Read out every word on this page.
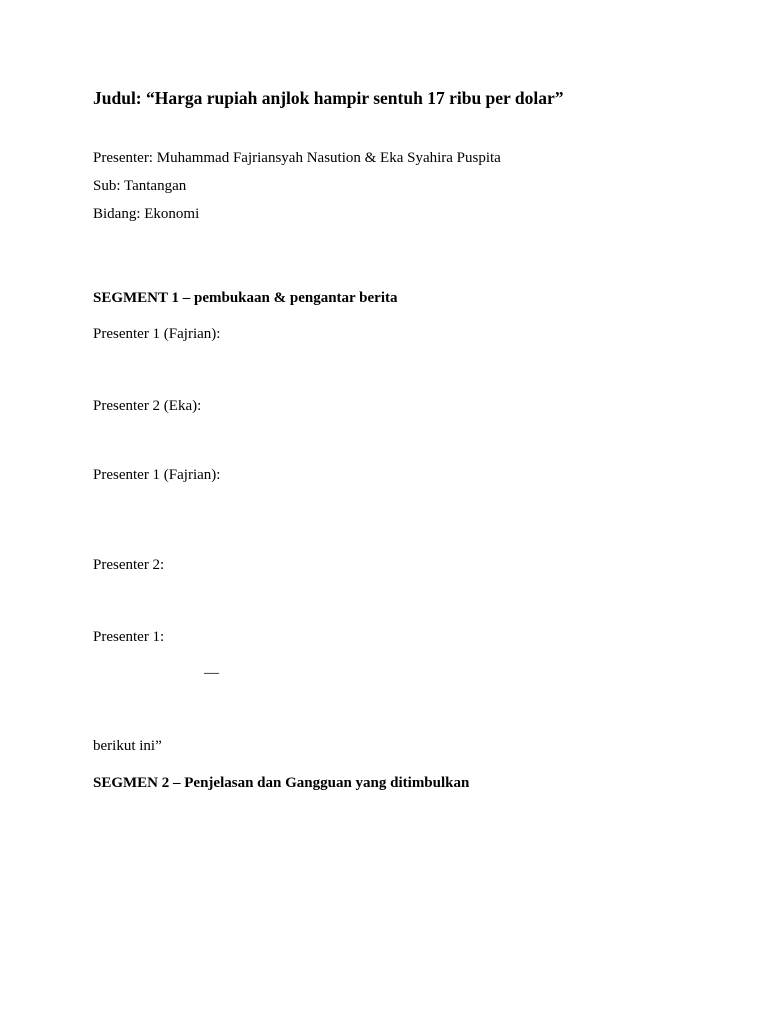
Judul: “Harga rupiah anjlok hampir sentuh 17 ribu per dolar”
Presenter: Muhammad Fajriansyah Nasution & Eka Syahira Puspita
Sub: Tantangan
Bidang: Ekonomi
SEGMENT 1 – pembukaan & pengantar berita
Presenter 1 (Fajrian):
Presenter 2 (Eka):
Presenter 1 (Fajrian):
Presenter 2:
Presenter 1:
—
berikut ini”
SEGMEN 2 – Penjelasan dan Gangguan yang ditimbulkan
